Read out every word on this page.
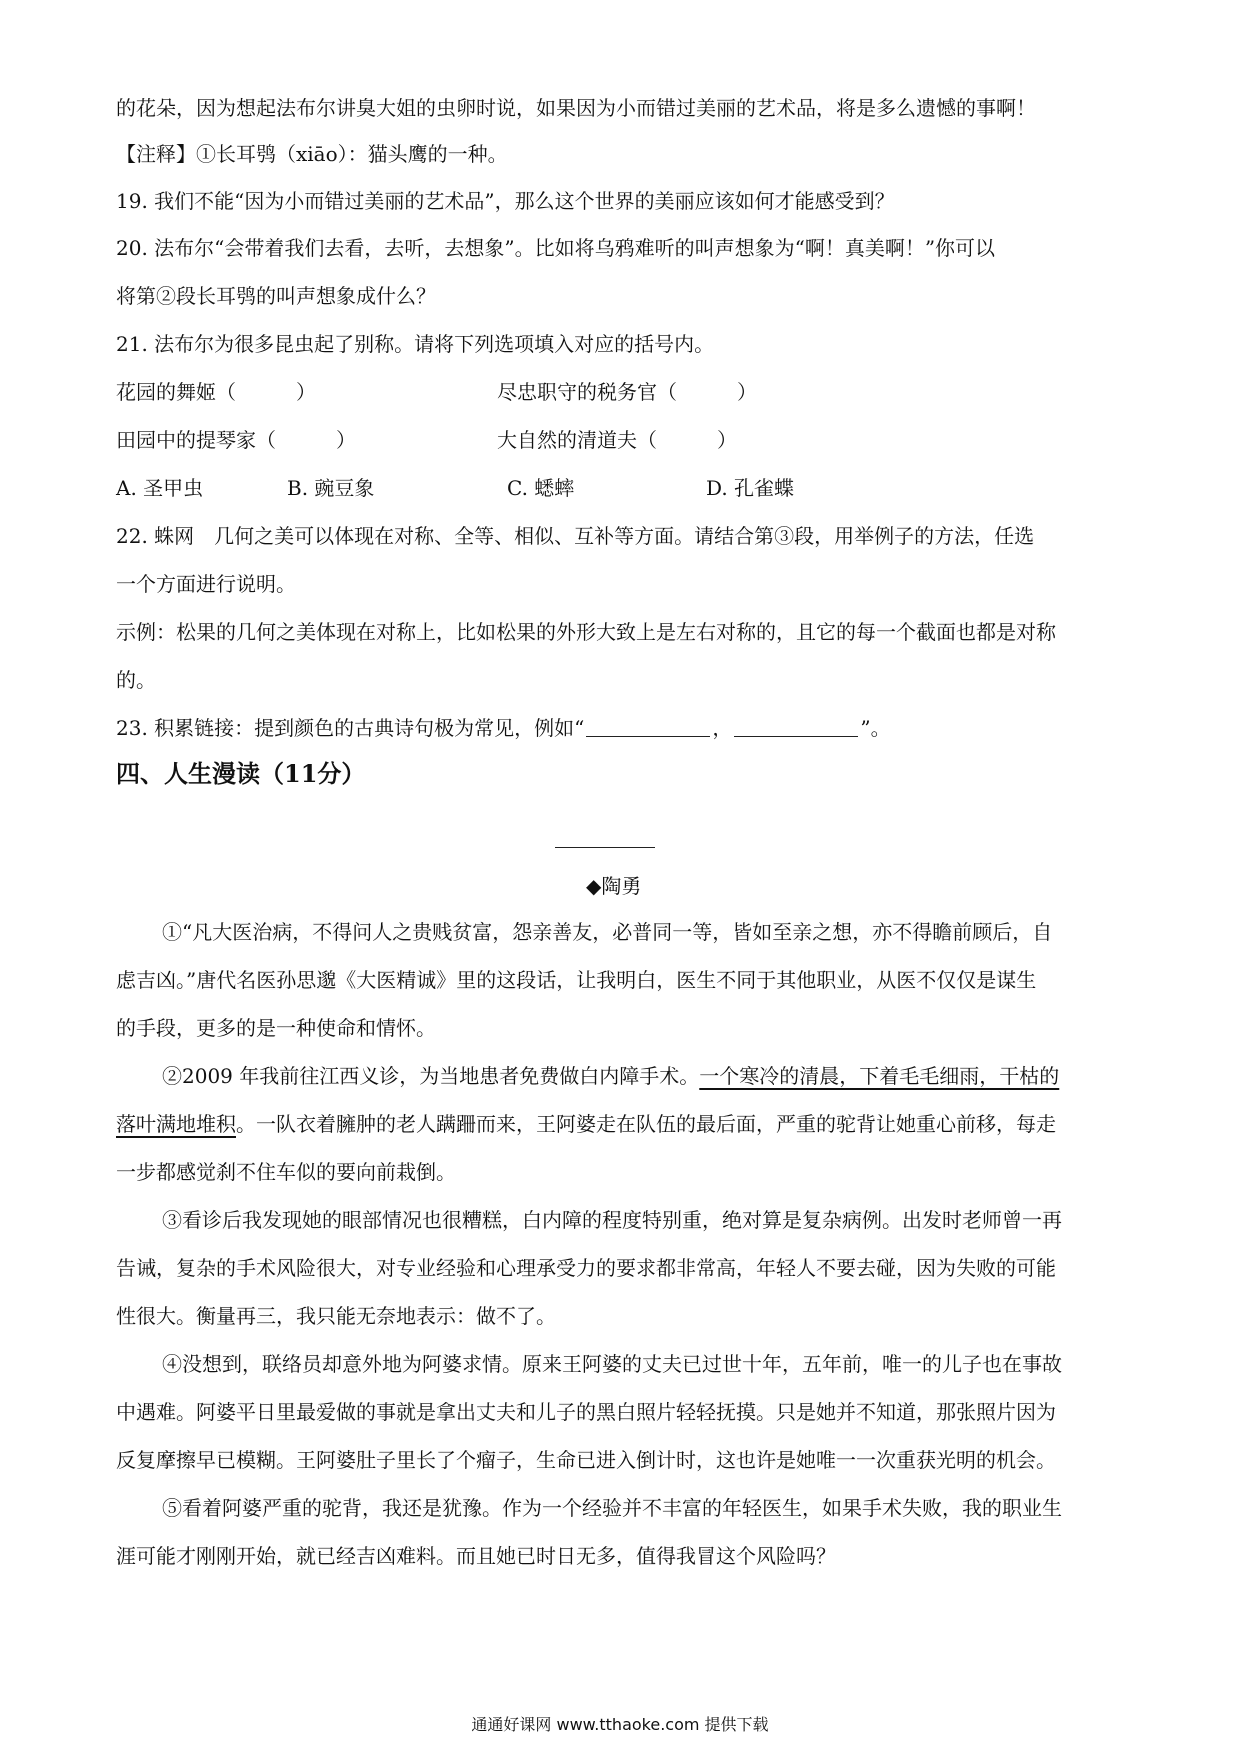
的花朵，因为想起法布尔讲臭大姐的虫卵时说，如果因为小而错过美丽的艺术品，将是多么遗憾的事啊！
【注释】①长耳鸮（xiāo）：猫头鹰的一种。
19. 我们不能“因为小而错过美丽的艺术品”，那么这个世界的美丽应该如何才能感受到？
20. 法布尔“会带着我们去看，去听，去想象”。比如将乌鸦难听的叫声想象为“啊！真美啊！”你可以
将第②段长耳鸮的叫声想象成什么？
21. 法布尔为很多昆虫起了别称。请将下列选项填入对应的括号内。
花园的舞姬（　　　）	尽忠职守的税务官（　　　）
田园中的提琴家（　　　）	大自然的清道夫（　　　）
A. 圣甲虫	B. 豌豆象	C. 蟋蟀	D. 孔雀蝶
22. 蛛网　几何之美可以体现在对称、全等、相似、互补等方面。请结合第③段，用举例子的方法，任选
一个方面进行说明。
示例：松果的几何之美体现在对称上，比如松果的外形大致上是左右对称的，且它的每一个截面也都是对称
的。
23. 积累链接：提到颜色的古典诗句极为常见，例如“	，	”。
四、人生漫读（11分）
◆陶勇
①“凡大医治病，不得问人之贵贱贫富，怨亲善友，必普同一等，皆如至亲之想，亦不得瞻前顾后，自
虑吉凶。”唐代名医孙思邈《大医精诚》里的这段话，让我明白，医生不同于其他职业，从医不仅仅是谋生
的手段，更多的是一种使命和情怀。
②2009 年我前往江西义诊，为当地患者免费做白内障手术。一个寒冷的清晨，下着毛毛细雨，干枯的
落叶满地堆积。一队衣着臃肿的老人蹒跚而来，王阿婆走在队伍的最后面，严重的驼背让她重心前移，每走
一步都感觉刹不住车似的要向前栽倒。
③看诊后我发现她的眼部情况也很糟糕，白内障的程度特别重，绝对算是复杂病例。出发时老师曾一再
告诫，复杂的手术风险很大，对专业经验和心理承受力的要求都非常高，年轻人不要去碰，因为失败的可能
性很大。衡量再三，我只能无奈地表示：做不了。
④没想到，联络员却意外地为阿婆求情。原来王阿婆的丈夫已过世十年，五年前，唯一的儿子也在事故
中遇难。阿婆平日里最爱做的事就是拿出丈夫和儿子的黑白照片轻轻抚摸。只是她并不知道，那张照片因为
反复摩擦早已模糊。王阿婆肚子里长了个瘤子，生命已进入倒计时，这也许是她唯一一次重获光明的机会。
⑤看着阿婆严重的驼背，我还是犹豫。作为一个经验并不丰富的年轻医生，如果手术失败，我的职业生
涯可能才刚刚开始，就已经吉凶难料。而且她已时日无多，值得我冒这个风险吗？
通通好课网 www.tthaoke.com 提供下载
